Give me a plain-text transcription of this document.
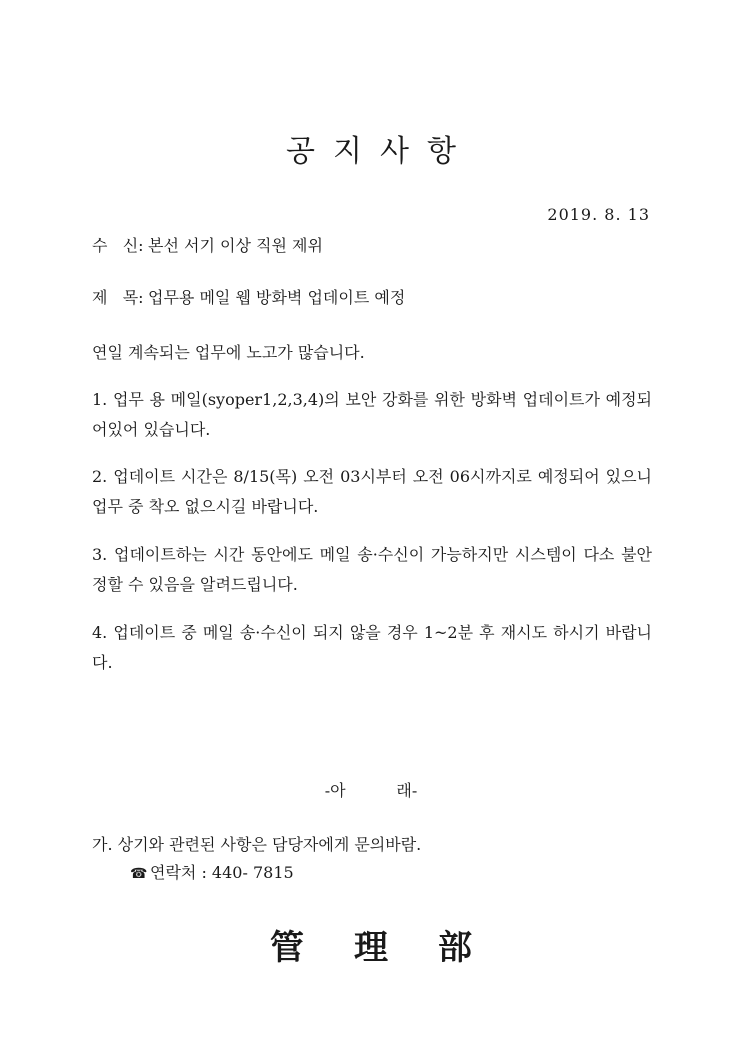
공지사항
2019. 8. 13
수   신: 본선 서기 이상 직원 제위
제   목: 업무용 메일 웹 방화벽 업데이트 예정
연일 계속되는 업무에 노고가 많습니다.

1. 업무 용 메일(syoper1,2,3,4)의 보안 강화를 위한 방화벽 업데이트가 예정되어있어 있습니다.

2. 업데이트 시간은 8/15(목) 오전 03시부터 오전 06시까지로 예정되어 있으니 업무 중 착오 없으시길 바랍니다.

3. 업데이트하는 시간 동안에도 메일 송·수신이 가능하지만 시스템이 다소 불안정할 수 있음을 알려드립니다.

4. 업데이트 중 메일 송·수신이 되지 않을 경우 1~2분 후 재시도 하시기 바랍니다.

-아          래-
가. 상기와 관련된 사항은 담당자에게 문의바람.
☎ 연락처 : 440- 7815
管理部
